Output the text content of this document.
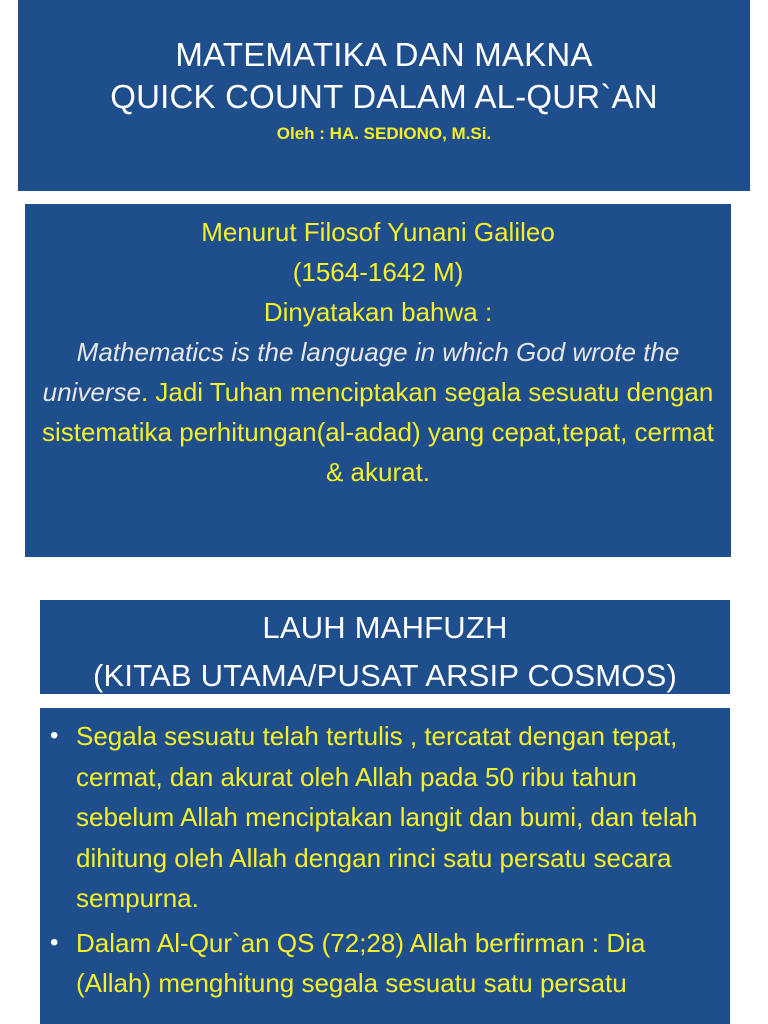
MATEMATIKA DAN MAKNA
QUICK COUNT DALAM AL-QUR`AN
Oleh : HA. SEDIONO, M.Si.
Menurut Filosof Yunani Galileo
(1564-1642 M)
Dinyatakan bahwa :
Mathematics is the language in which God wrote the universe. Jadi Tuhan menciptakan segala sesuatu dengan sistematika perhitungan(al-adad) yang cepat,tepat, cermat & akurat.
LAUH MAHFUZH
(KITAB UTAMA/PUSAT ARSIP COSMOS)
• Segala sesuatu telah tertulis , tercatat dengan tepat, cermat, dan akurat oleh Allah pada 50 ribu tahun sebelum Allah menciptakan langit dan bumi, dan telah dihitung oleh Allah dengan rinci satu persatu secara sempurna.
• Dalam Al-Qur`an QS (72;28) Allah berfirman : Dia (Allah) menghitung segala sesuatu satu persatu
